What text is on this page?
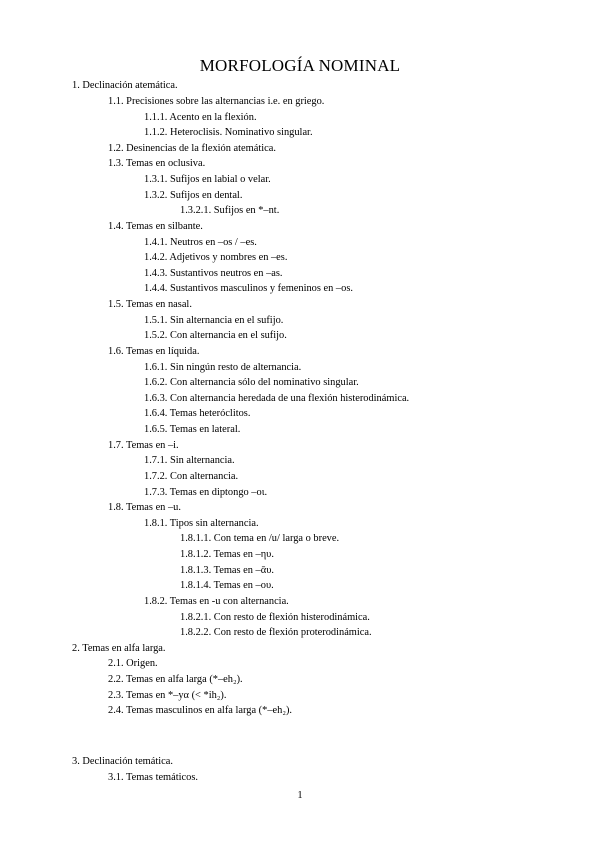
MORFOLOGÍA NOMINAL
1. Declinación atemática.
1.1. Precisiones sobre las alternancias i.e. en griego.
1.1.1. Acento en la flexión.
1.1.2. Heteroclisis. Nominativo singular.
1.2. Desinencias de la flexión atemática.
1.3. Temas en oclusiva.
1.3.1. Sufijos en labial o velar.
1.3.2. Sufijos en dental.
1.3.2.1. Sufijos en *–nt.
1.4. Temas en silbante.
1.4.1. Neutros en –os / –es.
1.4.2. Adjetivos y nombres en –es.
1.4.3. Sustantivos neutros en –as.
1.4.4. Sustantivos masculinos y femeninos en –os.
1.5. Temas en nasal.
1.5.1. Sin alternancia en el sufijo.
1.5.2. Con alternancia en el sufijo.
1.6. Temas en líquida.
1.6.1. Sin ningún resto de alternancia.
1.6.2. Con alternancia sólo del nominativo singular.
1.6.3. Con alternancia heredada de una flexión histerodinámica.
1.6.4. Temas heteróclitos.
1.6.5. Temas en lateral.
1.7. Temas en –i.
1.7.1. Sin alternancia.
1.7.2. Con alternancia.
1.7.3. Temas en diptongo –οι.
1.8. Temas en –u.
1.8.1. Tipos sin alternancia.
1.8.1.1. Con tema en /u/ larga o breve.
1.8.1.2. Temas en –ηυ.
1.8.1.3. Temas en –ᾱυ.
1.8.1.4. Temas en –ου.
1.8.2. Temas en -u con alternancia.
1.8.2.1. Con resto de flexión histerodinámica.
1.8.2.2. Con resto de flexión proterodinámica.
2. Temas en alfa larga.
2.1. Origen.
2.2. Temas en alfa larga (*–eh₂).
2.3. Temas en *–yα (< *ih₂).
2.4. Temas masculinos en alfa larga (*–eh₂).
3. Declinación temática.
3.1. Temas temáticos.
1
